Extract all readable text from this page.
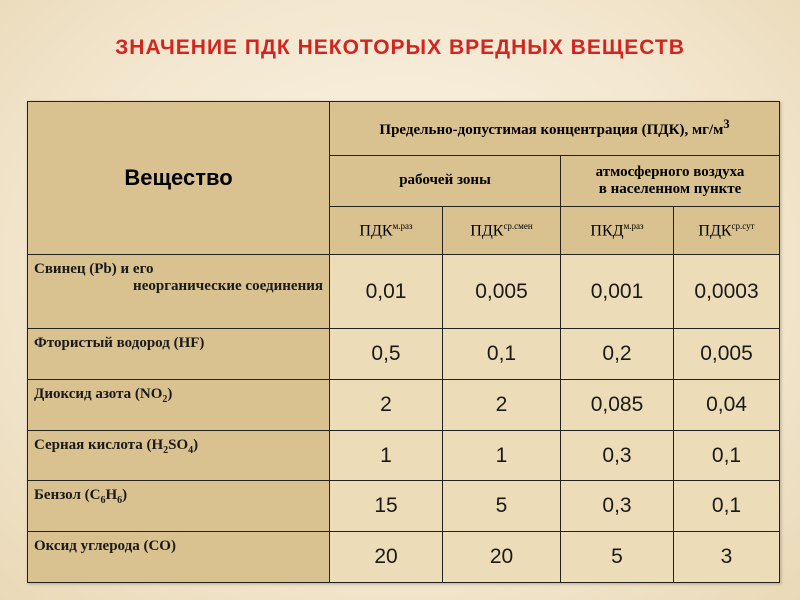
ЗНАЧЕНИЕ ПДК НЕКОТОРЫХ ВРЕДНЫХ ВЕЩЕСТВ
Вещество	Предельно-допустимая концентрация (ПДК), $мг/м^3$
	рабочей зоны		атмосферного воздуха
в населенном пункте	

	$ПДК^{м.раз}$	$ПДК^{ср.смен}$	$ПКД^{м.раз}$	$ПДК^{ср.сут}$

Свинец (Pb) и его
неорганические соединения	0,01	0,005	0,001	0,0003
Фтористый водород (HF)	0,5	0,1	0,2	0,005
Диоксид азота $(NO_2)$	2	2	0,085	0,04
Серная кислота $(H_2SO_4)$	1	1	0,3	0,1
Бензол $(C_6H_6)$	15	5	0,3	0,1
Оксид углерода (CO)	20	20	5	3
